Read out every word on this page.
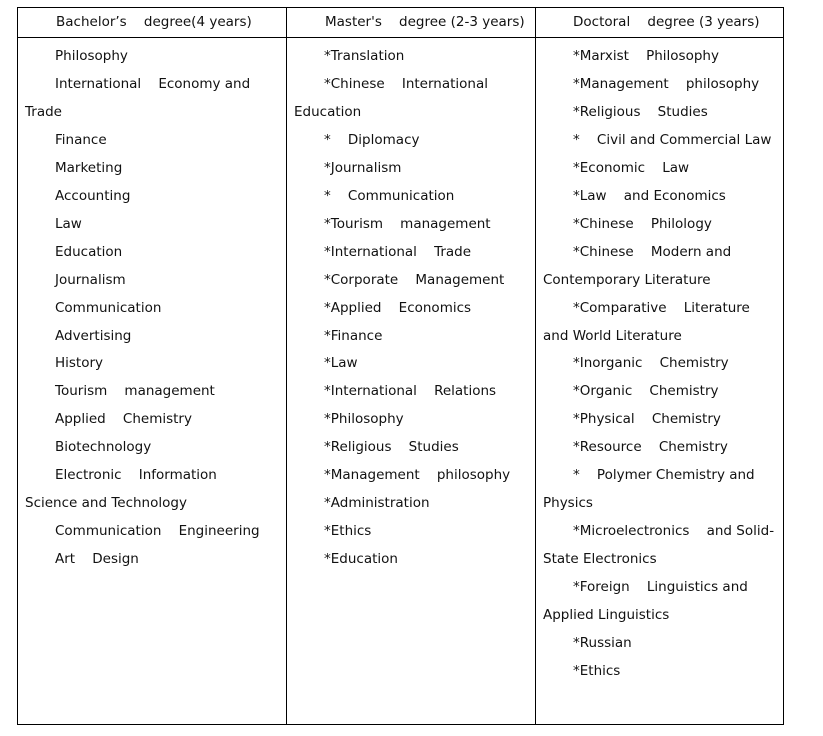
Bachelor’s    degree(4 years)	Master's    degree (2-3 years)	Doctoral    degree (3 years)

Philosophy

International    Economy and Trade

Finance

Marketing

Accounting

Law

Education

Journalism

Communication

Advertising

History

Tourism    management

Applied    Chemistry

Biotechnology

Electronic    Information Science and Technology

Communication    Engineering

Art    Design

*Translation

*Chinese    International Education

*    Diplomacy

*Journalism

*    Communication

*Tourism    management

*International    Trade

*Corporate    Management

*Applied    Economics

*Finance

*Law

*International    Relations

*Philosophy

*Religious    Studies

*Management    philosophy

*Administration

*Ethics

*Education

*Marxist    Philosophy

*Management    philosophy

*Religious    Studies

*    Civil and Commercial Law

*Economic    Law

*Law    and Economics

*Chinese    Philology

*Chinese    Modern and Contemporary Literature

*Comparative    Literature and World Literature

*Inorganic    Chemistry

*Organic    Chemistry

*Physical    Chemistry

*Resource    Chemistry

*    Polymer Chemistry and Physics

*Microelectronics    and Solid-State Electronics

*Foreign    Linguistics and Applied Linguistics

*Russian

*Ethics
